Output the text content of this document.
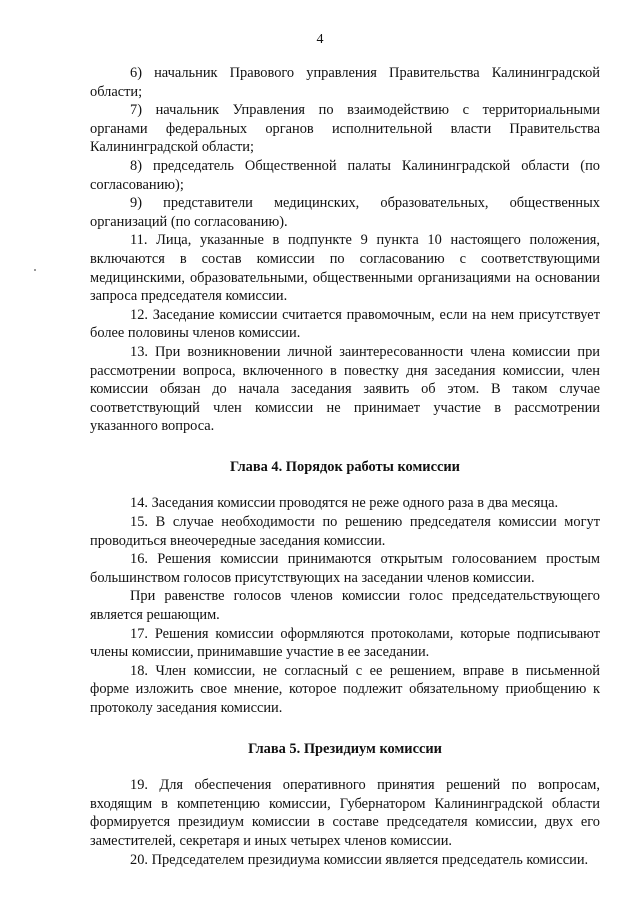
4

6) начальник Правового управления Правительства Калининградской области;

7) начальник Управления по взаимодействию с территориальными органами федеральных органов исполнительной власти Правительства Калининградской области;

8) председатель Общественной палаты Калининградской области (по согласованию);

9) представители медицинских, образовательных, общественных организаций (по согласованию).

11. Лица, указанные в подпункте 9 пункта 10 настоящего положения, включаются в состав комиссии по согласованию с соответствующими медицинскими, образовательными, общественными организациями на основании запроса председателя комиссии.

12. Заседание комиссии считается правомочным, если на нем присутствует более половины членов комиссии.

13. При возникновении личной заинтересованности члена комиссии при рассмотрении вопроса, включенного в повестку дня заседания комиссии, член комиссии обязан до начала заседания заявить об этом. В таком случае соответствующий член комиссии не принимает участие в рассмотрении указанного вопроса.

Глава 4. Порядок работы комиссии

14. Заседания комиссии проводятся не реже одного раза в два месяца.

15. В случае необходимости по решению председателя комиссии могут проводиться внеочередные заседания комиссии.

16. Решения комиссии принимаются открытым голосованием простым большинством голосов присутствующих на заседании членов комиссии.

При равенстве голосов членов комиссии голос председательствующего является решающим.

17. Решения комиссии оформляются протоколами, которые подписывают члены комиссии, принимавшие участие в ее заседании.

18. Член комиссии, не согласный с ее решением, вправе в письменной форме изложить свое мнение, которое подлежит обязательному приобщению к протоколу заседания комиссии.

Глава 5. Президиум комиссии

19. Для обеспечения оперативного принятия решений по вопросам, входящим в компетенцию комиссии, Губернатором Калининградской области формируется президиум комиссии в составе председателя комиссии, двух его заместителей, секретаря и иных четырех членов комиссии.

20. Председателем президиума комиссии является председатель комиссии.
